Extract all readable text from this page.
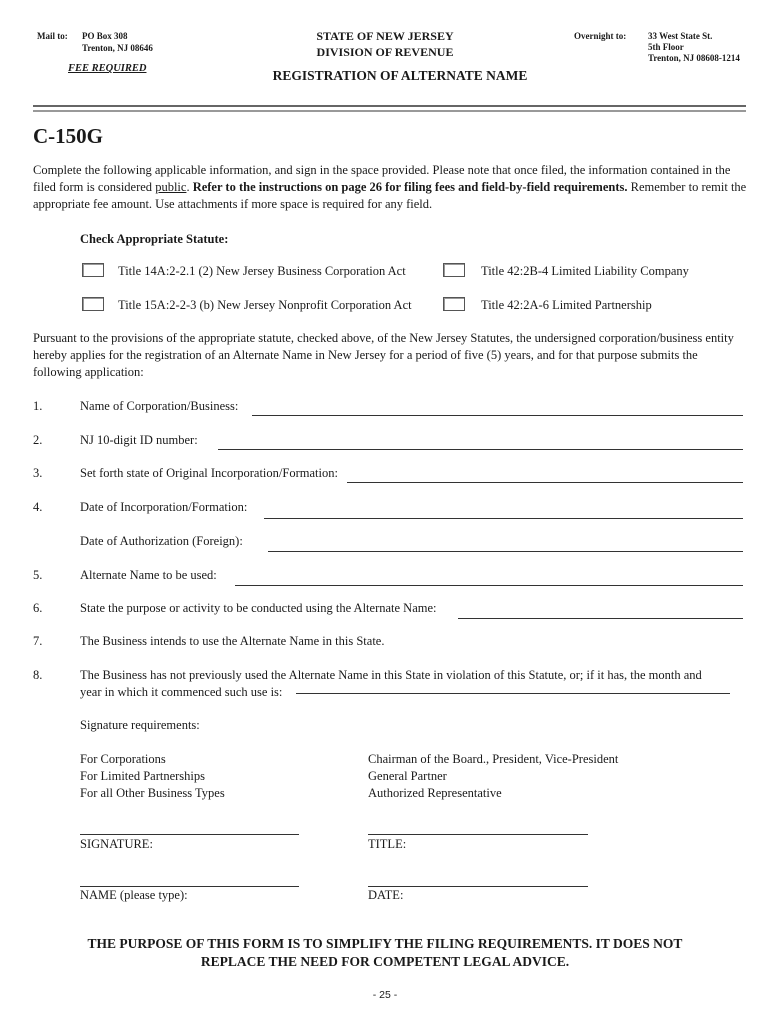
Mail to: PO Box 308
Trenton, NJ 08646
FEE REQUIRED
STATE OF NEW JERSEY
DIVISION OF REVENUE
REGISTRATION OF ALTERNATE NAME
Overnight to: 33 West State St.
5th Floor
Trenton, NJ 08608-1214
C-150G
Complete the following applicable information, and sign in the space provided. Please note that once filed, the information contained in the filed form is considered public. Refer to the instructions on page 26 for filing fees and field-by-field requirements. Remember to remit the appropriate fee amount. Use attachments if more space is required for any field.
Check Appropriate Statute:
Title 14A:2-2.1 (2) New Jersey Business Corporation Act	Title 42:2B-4 Limited Liability Company
Title 15A:2-2-3 (b) New Jersey Nonprofit Corporation Act	Title 42:2A-6 Limited Partnership
Pursuant to the provisions of the appropriate statute, checked above, of the New Jersey Statutes, the undersigned corporation/business entity hereby applies for the registration of an Alternate Name in New Jersey for a period of five (5) years, and for that purpose submits the following application:
1.	Name of Corporation/Business:
2.	NJ 10-digit ID number:
3.	Set forth state of Original Incorporation/Formation:
4.	Date of Incorporation/Formation:
Date of Authorization (Foreign):
5.	Alternate Name to be used:
6.	State the purpose or activity to be conducted using the Alternate Name:
7.	The Business intends to use the Alternate Name in this State.
8.	The Business has not previously used the Alternate Name in this State in violation of this Statute, or; if it has, the month and
year in which it commenced such use is:
Signature requirements:
For Corporations	Chairman of the Board., President, Vice-President
For Limited Partnerships	General Partner
For all Other Business Types	Authorized Representative
SIGNATURE:	TITLE:
NAME (please type):	DATE:
THE PURPOSE OF THIS FORM IS TO SIMPLIFY THE FILING REQUIREMENTS. IT DOES NOT
REPLACE THE NEED FOR COMPETENT LEGAL ADVICE.
- 25 -
